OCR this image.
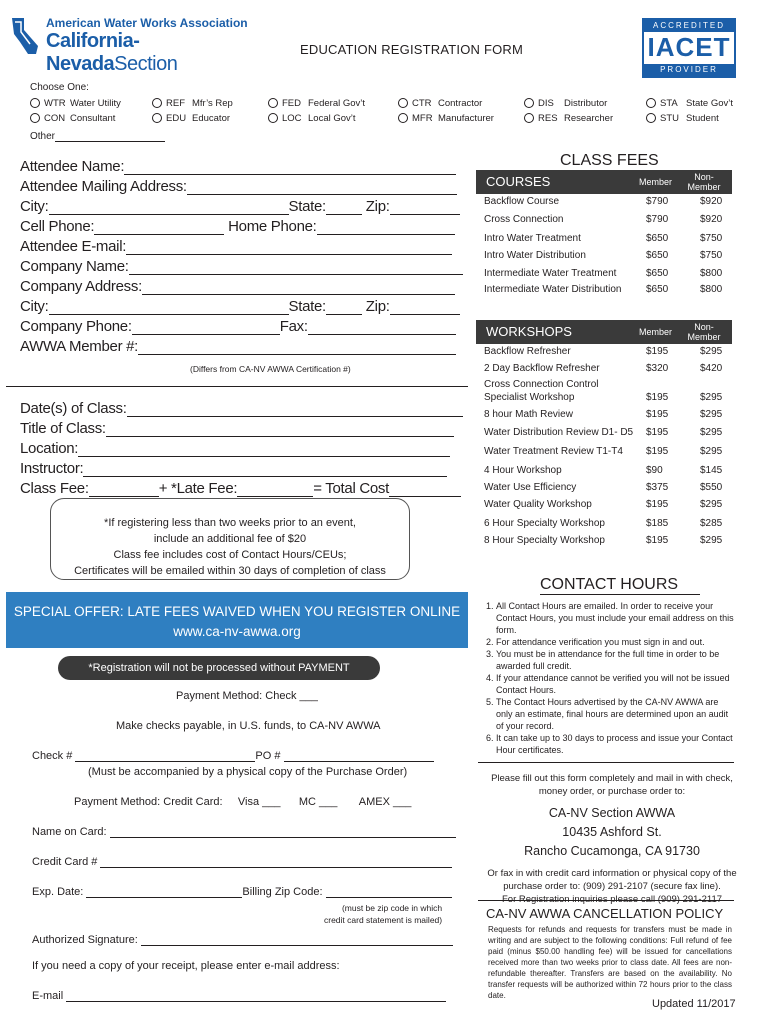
American Water Works Association
California-NevadaSection
EDUCATION REGISTRATION FORM
ACCREDITED
IACET
PROVIDER
Choose One:
WTR Water Utility
CON Consultant
REF Mfr’s Rep
EDU Educator
FED Federal Gov’t
LOC Local Gov’t
CTR Contractor
MFR Manufacturer
DIS Distributor
RES Researcher
STA State Gov’t
STU Student
Other
Attendee Name:
Attendee Mailing Address:
City:	State:	Zip:
Cell Phone:	Home Phone:
Attendee E-mail:
Company Name:
Company Address:
City:	State:	Zip:
Company Phone:	Fax:
AWWA Member #:
(Differs from CA-NV AWWA Certification #)
Date(s) of Class:
Title of Class:
Location:
Instructor:
Class Fee:	+ *Late Fee:	= Total Cost
*If registering less than two weeks prior to an event,
include an additional fee of $20
Class fee includes cost of Contact Hours/CEUs;
Certificates will be emailed within 30 days of completion of class
SPECIAL OFFER: LATE FEES WAIVED WHEN YOU REGISTER ONLINE
www.ca-nv-awwa.org
*Registration will not be processed without PAYMENT
Payment Method: Check ___
Make checks payable, in U.S. funds, to CA-NV AWWA
Check #	PO #
(Must be accompanied by a physical copy of the Purchase Order)
Payment Method: Credit Card: Visa ___ MC ___ AMEX ___
Name on Card:
Credit Card #
Exp. Date:	Billing Zip Code:
(must be zip code in which
credit card statement is mailed)
Authorized Signature:
If you need a copy of your receipt, please enter e-mail address:
E-mail
CLASS FEES
COURSES	Member	Non-
Member
Backflow Course	$790	$920
Cross Connection	$790	$920
Intro Water Treatment	$650	$750
Intro Water Distribution	$650	$750
Intermediate Water Treatment	$650	$800
Intermediate Water Distribution $650	$800
WORKSHOPS	Member	Non-
Member
Backflow Refresher	$195	$295
2 Day Backflow Refresher	$320	$420
Cross Connection Control
Specialist Workshop	$195	$295
8 hour Math Review	$195	$295
Water Distribution Review D1- D5 $195	$295
Water Treatment Review T1-T4 $195	$295
4 Hour Workshop	$90	$145
Water Use Efficiency	$375	$550
Water Quality Workshop	$195	$295
6 Hour Specialty Workshop	$185	$285
8 Hour Specialty Workshop	$195	$295
CONTACT HOURS
1. All Contact Hours are emailed. In order to receive your Contact Hours, you must include your email address on this form.
2. For attendance verification you must sign in and out.
3. You must be in attendance for the full time in order to be awarded full credit.
4. If your attendance cannot be verified you will not be issued Contact Hours.
5. The Contact Hours advertised by the CA-NV AWWA are only an estimate, final hours are determined upon an audit of your record.
6. It can take up to 30 days to process and issue your Contact Hour certificates.
Please fill out this form completely and mail in with check, money order, or purchase order to:
CA-NV Section AWWA
10435 Ashford St.
Rancho Cucamonga, CA 91730
Or fax in with credit card information or physical copy of the purchase order to: (909) 291-2107 (secure fax line).
CA-NV AWWA CANCELLATION POLICY
Requests for refunds and requests for transfers must be made in writing and are subject to the following conditions: Full refund of fee paid (minus $50.00 handling fee) will be issued for cancellations received more than two weeks prior to class date. All fees are non-refundable thereafter. Transfers are based on the availability. No transfer requests will be authorized within 72 hours prior to the class date.
Updated 11/2017
